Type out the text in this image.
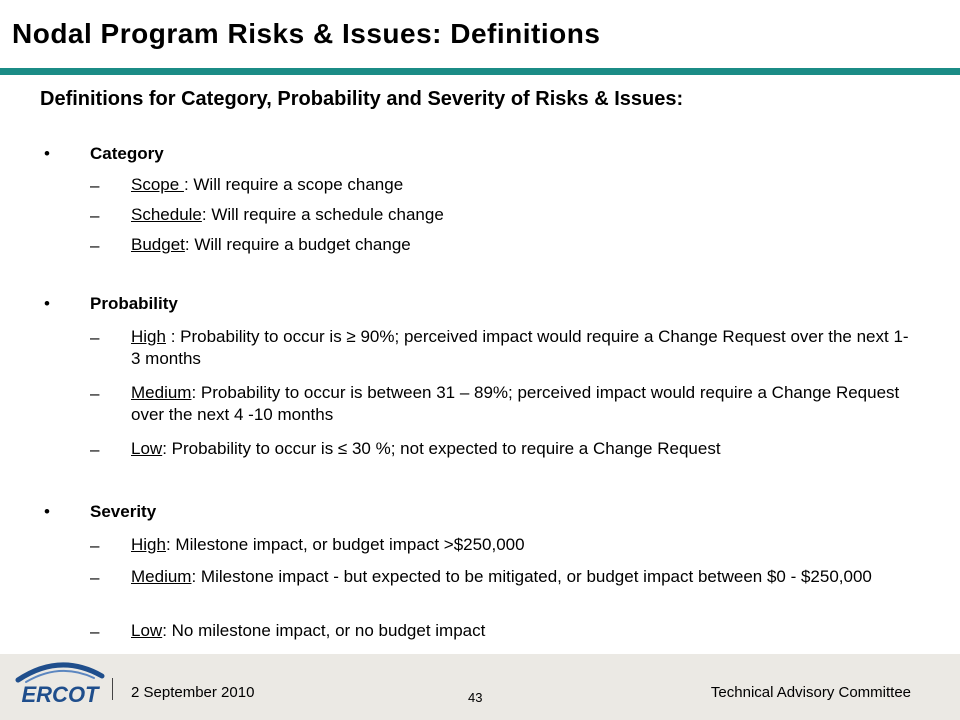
Nodal Program Risks & Issues: Definitions
Definitions for Category, Probability and Severity of Risks & Issues:
• Category
– Scope : Will require a scope change
– Schedule: Will require a schedule change
– Budget: Will require a budget change
• Probability
– High : Probability to occur is ≥ 90%; perceived impact would require a Change Request over the next 1-3 months
– Medium: Probability to occur is between 31 – 89%; perceived impact would require a Change Request over the next 4 -10 months
– Low: Probability to occur is ≤ 30 %; not expected to require a Change Request
• Severity
– High: Milestone impact, or budget impact >$250,000
– Medium: Milestone impact - but expected to be mitigated, or budget impact between $0 - $250,000
– Low: No milestone impact, or no budget impact
ERCOT 2 September 2010	43	Technical Advisory Committee
